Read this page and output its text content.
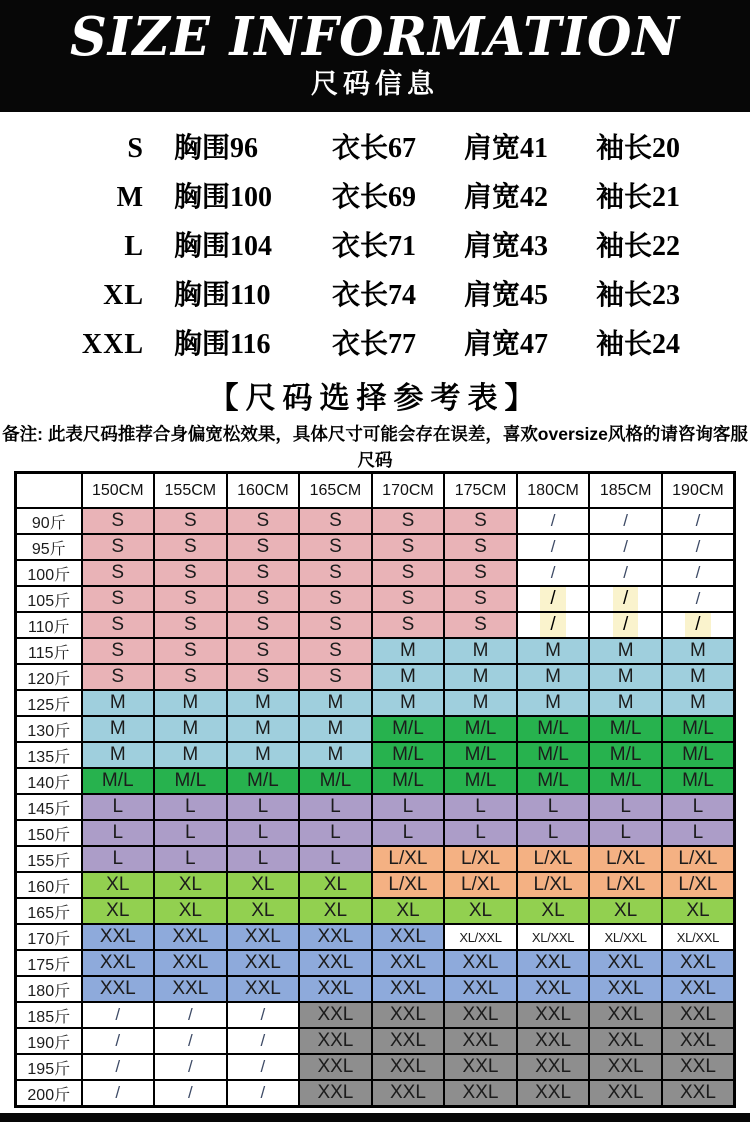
SIZE INFORMATION
尺码信息
S 胸围96	衣长67	肩宽41	袖长20
M 胸围100	衣长69	肩宽42	袖长21
L 胸围104	衣长71	肩宽43	袖长22
XL 胸围110	衣长74	肩宽45	袖长23
XXL 胸围116	衣长77	肩宽47	袖长24
【尺码选择参考表】
备注: 此表尺码推荐合身偏宽松效果，具体尺寸可能会存在误差，喜欢oversize风格的请咨询客服尺码
	150CM	155CM	160CM	165CM	170CM	175CM	180CM	185CM	190CM
90斤	S	S	S	S	S	S	/	/	/
95斤	S	S	S	S	S	S	/	/	/
100斤	S	S	S	S	S	S	/	/	/
105斤	S	S	S	S	S	S	/	/	/
110斤	S	S	S	S	S	S	/	/	/
115斤	S	S	S	S	M	M	M	M	M
120斤	S	S	S	S	M	M	M	M	M
125斤	M	M	M	M	M	M	M	M	M
130斤	M	M	M	M	M/L	M/L	M/L	M/L	M/L
135斤	M	M	M	M	M/L	M/L	M/L	M/L	M/L
140斤	M/L	M/L	M/L	M/L	M/L	M/L	M/L	M/L	M/L
145斤	L	L	L	L	L	L	L	L	L
150斤	L	L	L	L	L	L	L	L	L
155斤	L	L	L	L	L/XL	L/XL	L/XL	L/XL	L/XL
160斤	XL	XL	XL	XL	L/XL	L/XL	L/XL	L/XL	L/XL
165斤	XL	XL	XL	XL	XL	XL	XL	XL	XL
170斤	XXL	XXL	XXL	XXL	XXL	XL/XXL	XL/XXL	XL/XXL	XL/XXL
175斤	XXL	XXL	XXL	XXL	XXL	XXL	XXL	XXL	XXL
180斤	XXL	XXL	XXL	XXL	XXL	XXL	XXL	XXL	XXL
185斤	/	/	/	XXL	XXL	XXL	XXL	XXL	XXL
190斤	/	/	/	XXL	XXL	XXL	XXL	XXL	XXL
195斤	/	/	/	XXL	XXL	XXL	XXL	XXL	XXL
200斤	/	/	/	XXL	XXL	XXL	XXL	XXL	XXL
